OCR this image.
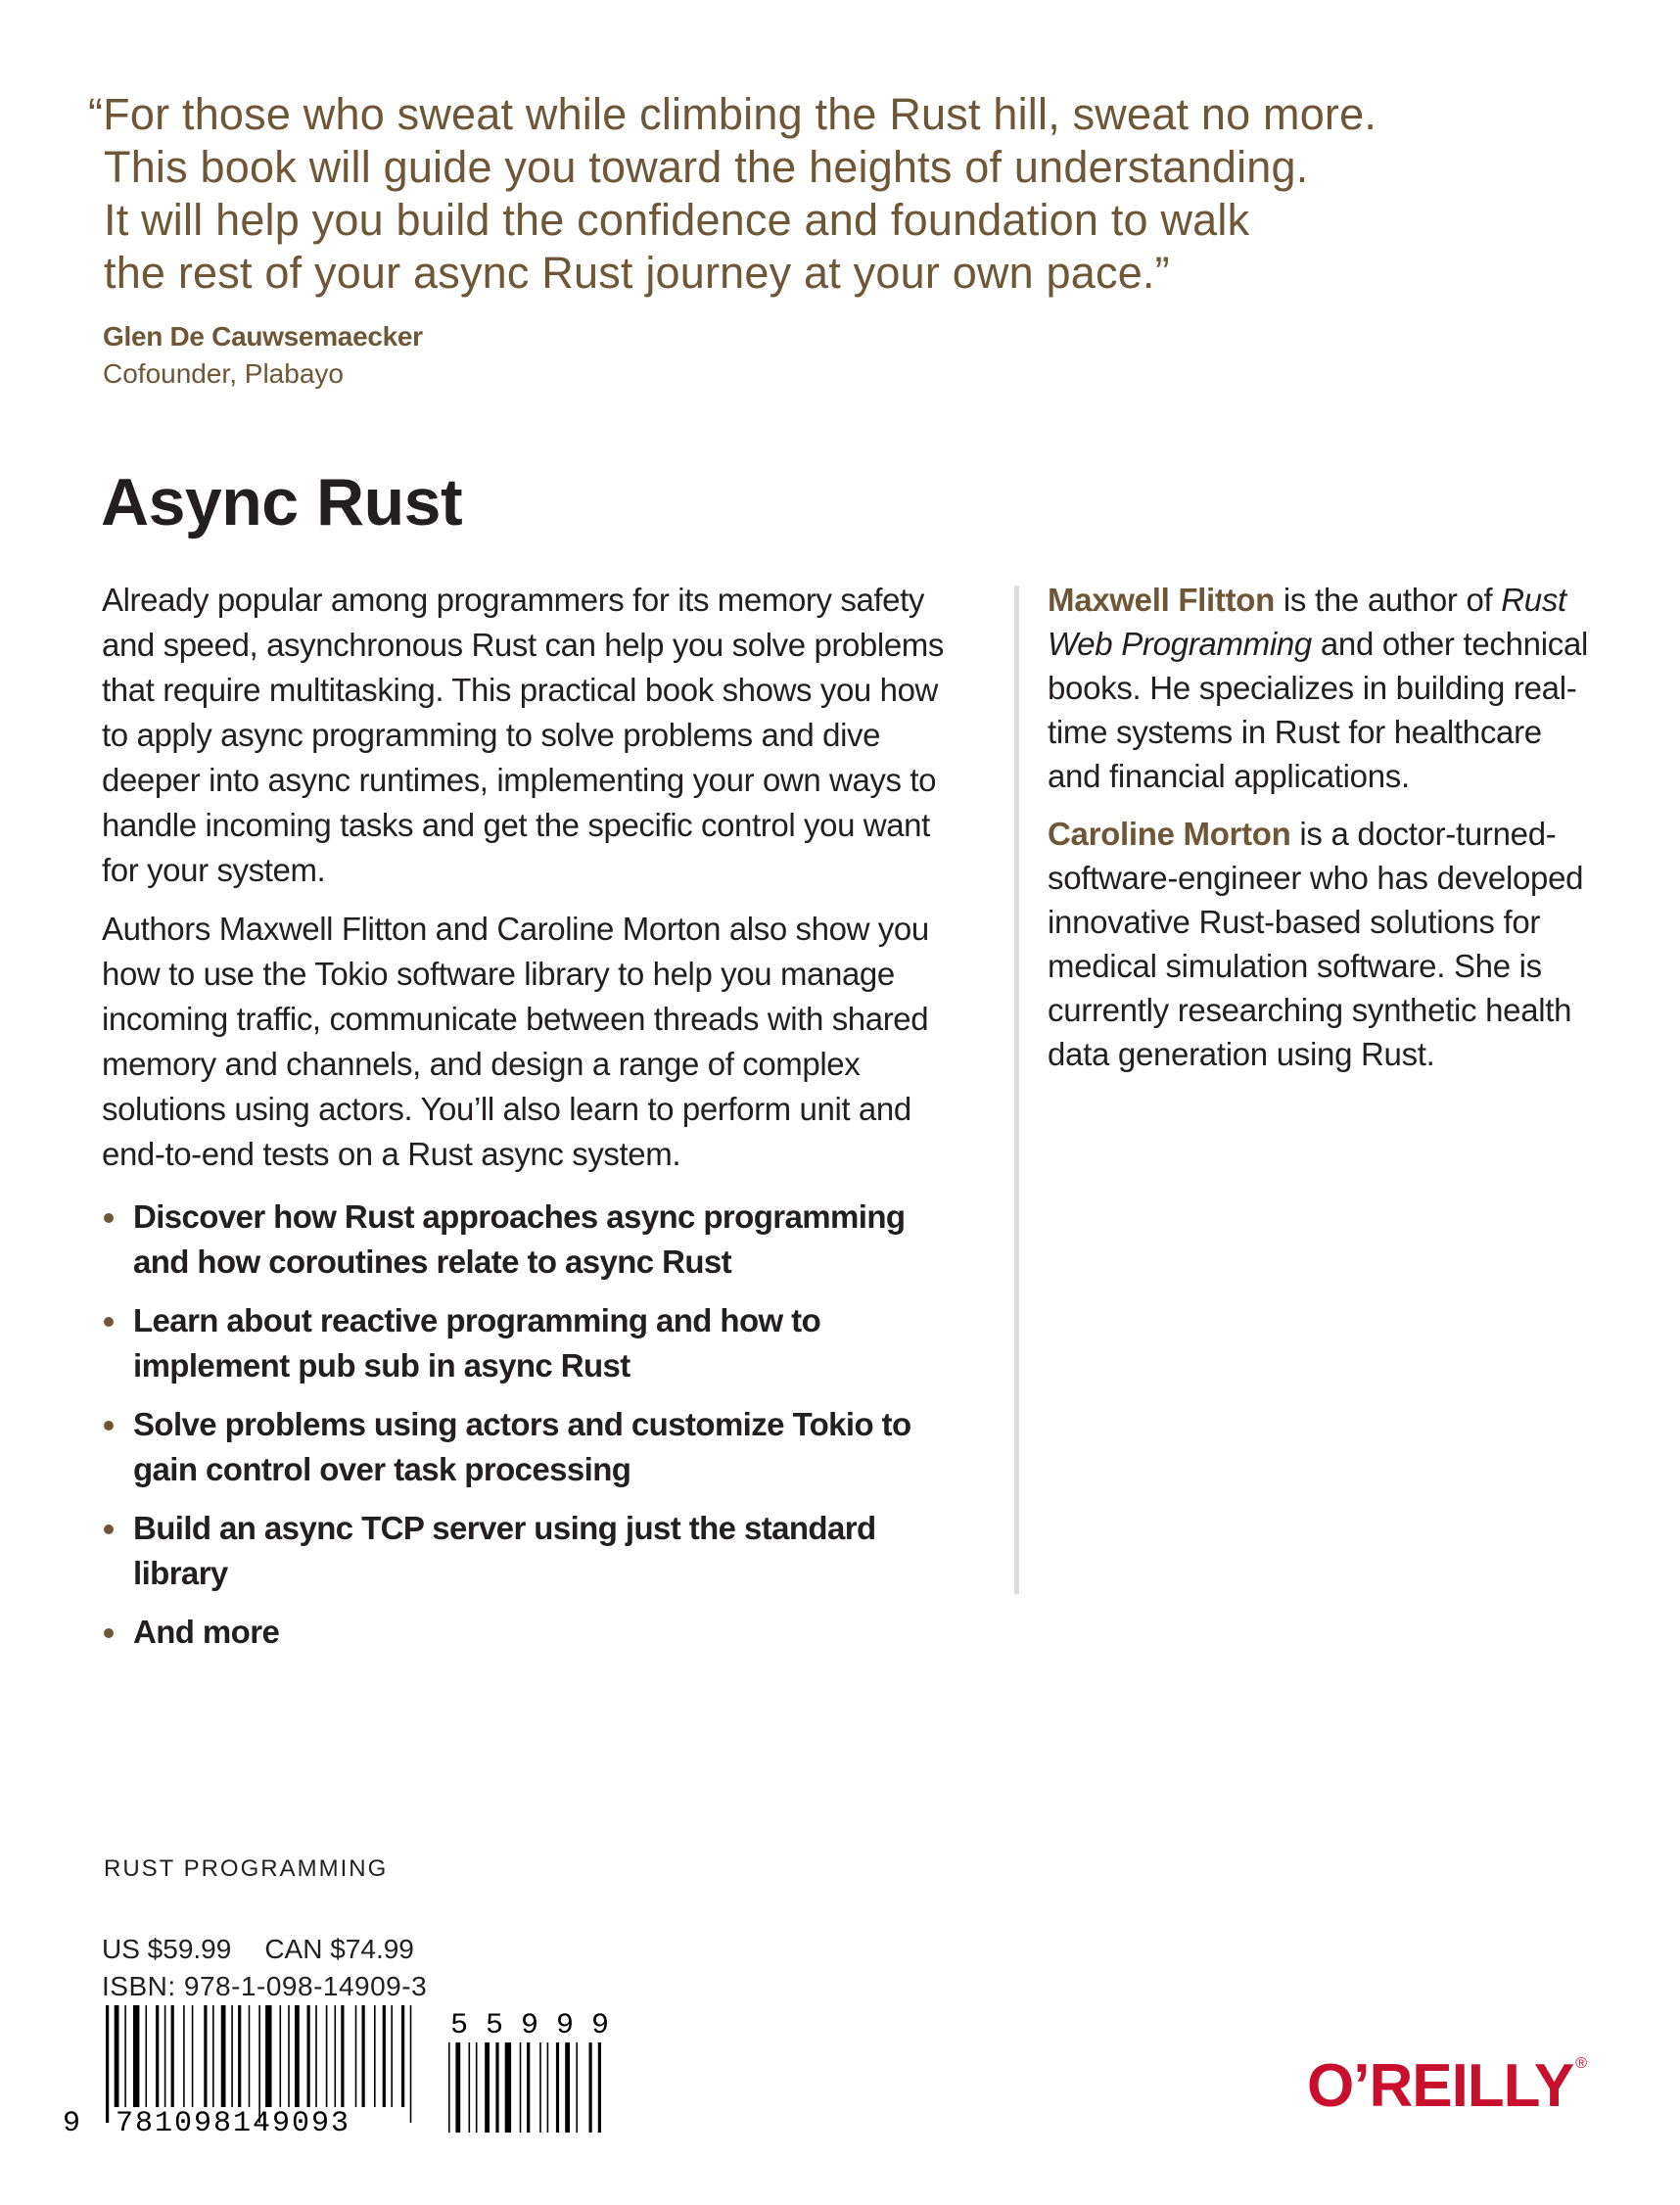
“For those who sweat while climbing the Rust hill, sweat no more.
This book will guide you toward the heights of understanding.
It will help you build the confidence and foundation to walk
the rest of your async Rust journey at your own pace.”
Glen De Cauwsemaecker
Cofounder, Plabayo
Async Rust

Already popular among programmers for its memory safety and speed, asynchronous Rust can help you solve problems that require multitasking. This practical book shows you how to apply async programming to solve problems and dive deeper into async runtimes, implementing your own ways to handle incoming tasks and get the specific control you want for your system.

Authors Maxwell Flitton and Caroline Morton also show you how to use the Tokio software library to help you manage incoming traffic, communicate between threads with shared memory and channels, and design a range of complex solutions using actors. You’ll also learn to perform unit and end-to-end tests on a Rust async system.

Discover how Rust approaches async programming and how coroutines relate to async Rust
Learn about reactive programming and how to implement pub sub in async Rust
Solve problems using actors and customize Tokio to gain control over task processing
Build an async TCP server using just the standard library
And more

Maxwell Flitton is the author of Rust Web Programming and other technical books. He specializes in building real-time systems in Rust for healthcare and financial applications.

Caroline Morton is a doctor-turned-software-engineer who has developed innovative Rust-based solutions for medical simulation software. She is currently researching synthetic health data generation using Rust.

RUST PROGRAMMING
US $59.99 CAN $74.99
ISBN: 978-1-098-14909-3
9 781098149093
5 5 9 9 9
O’REILLY ®
